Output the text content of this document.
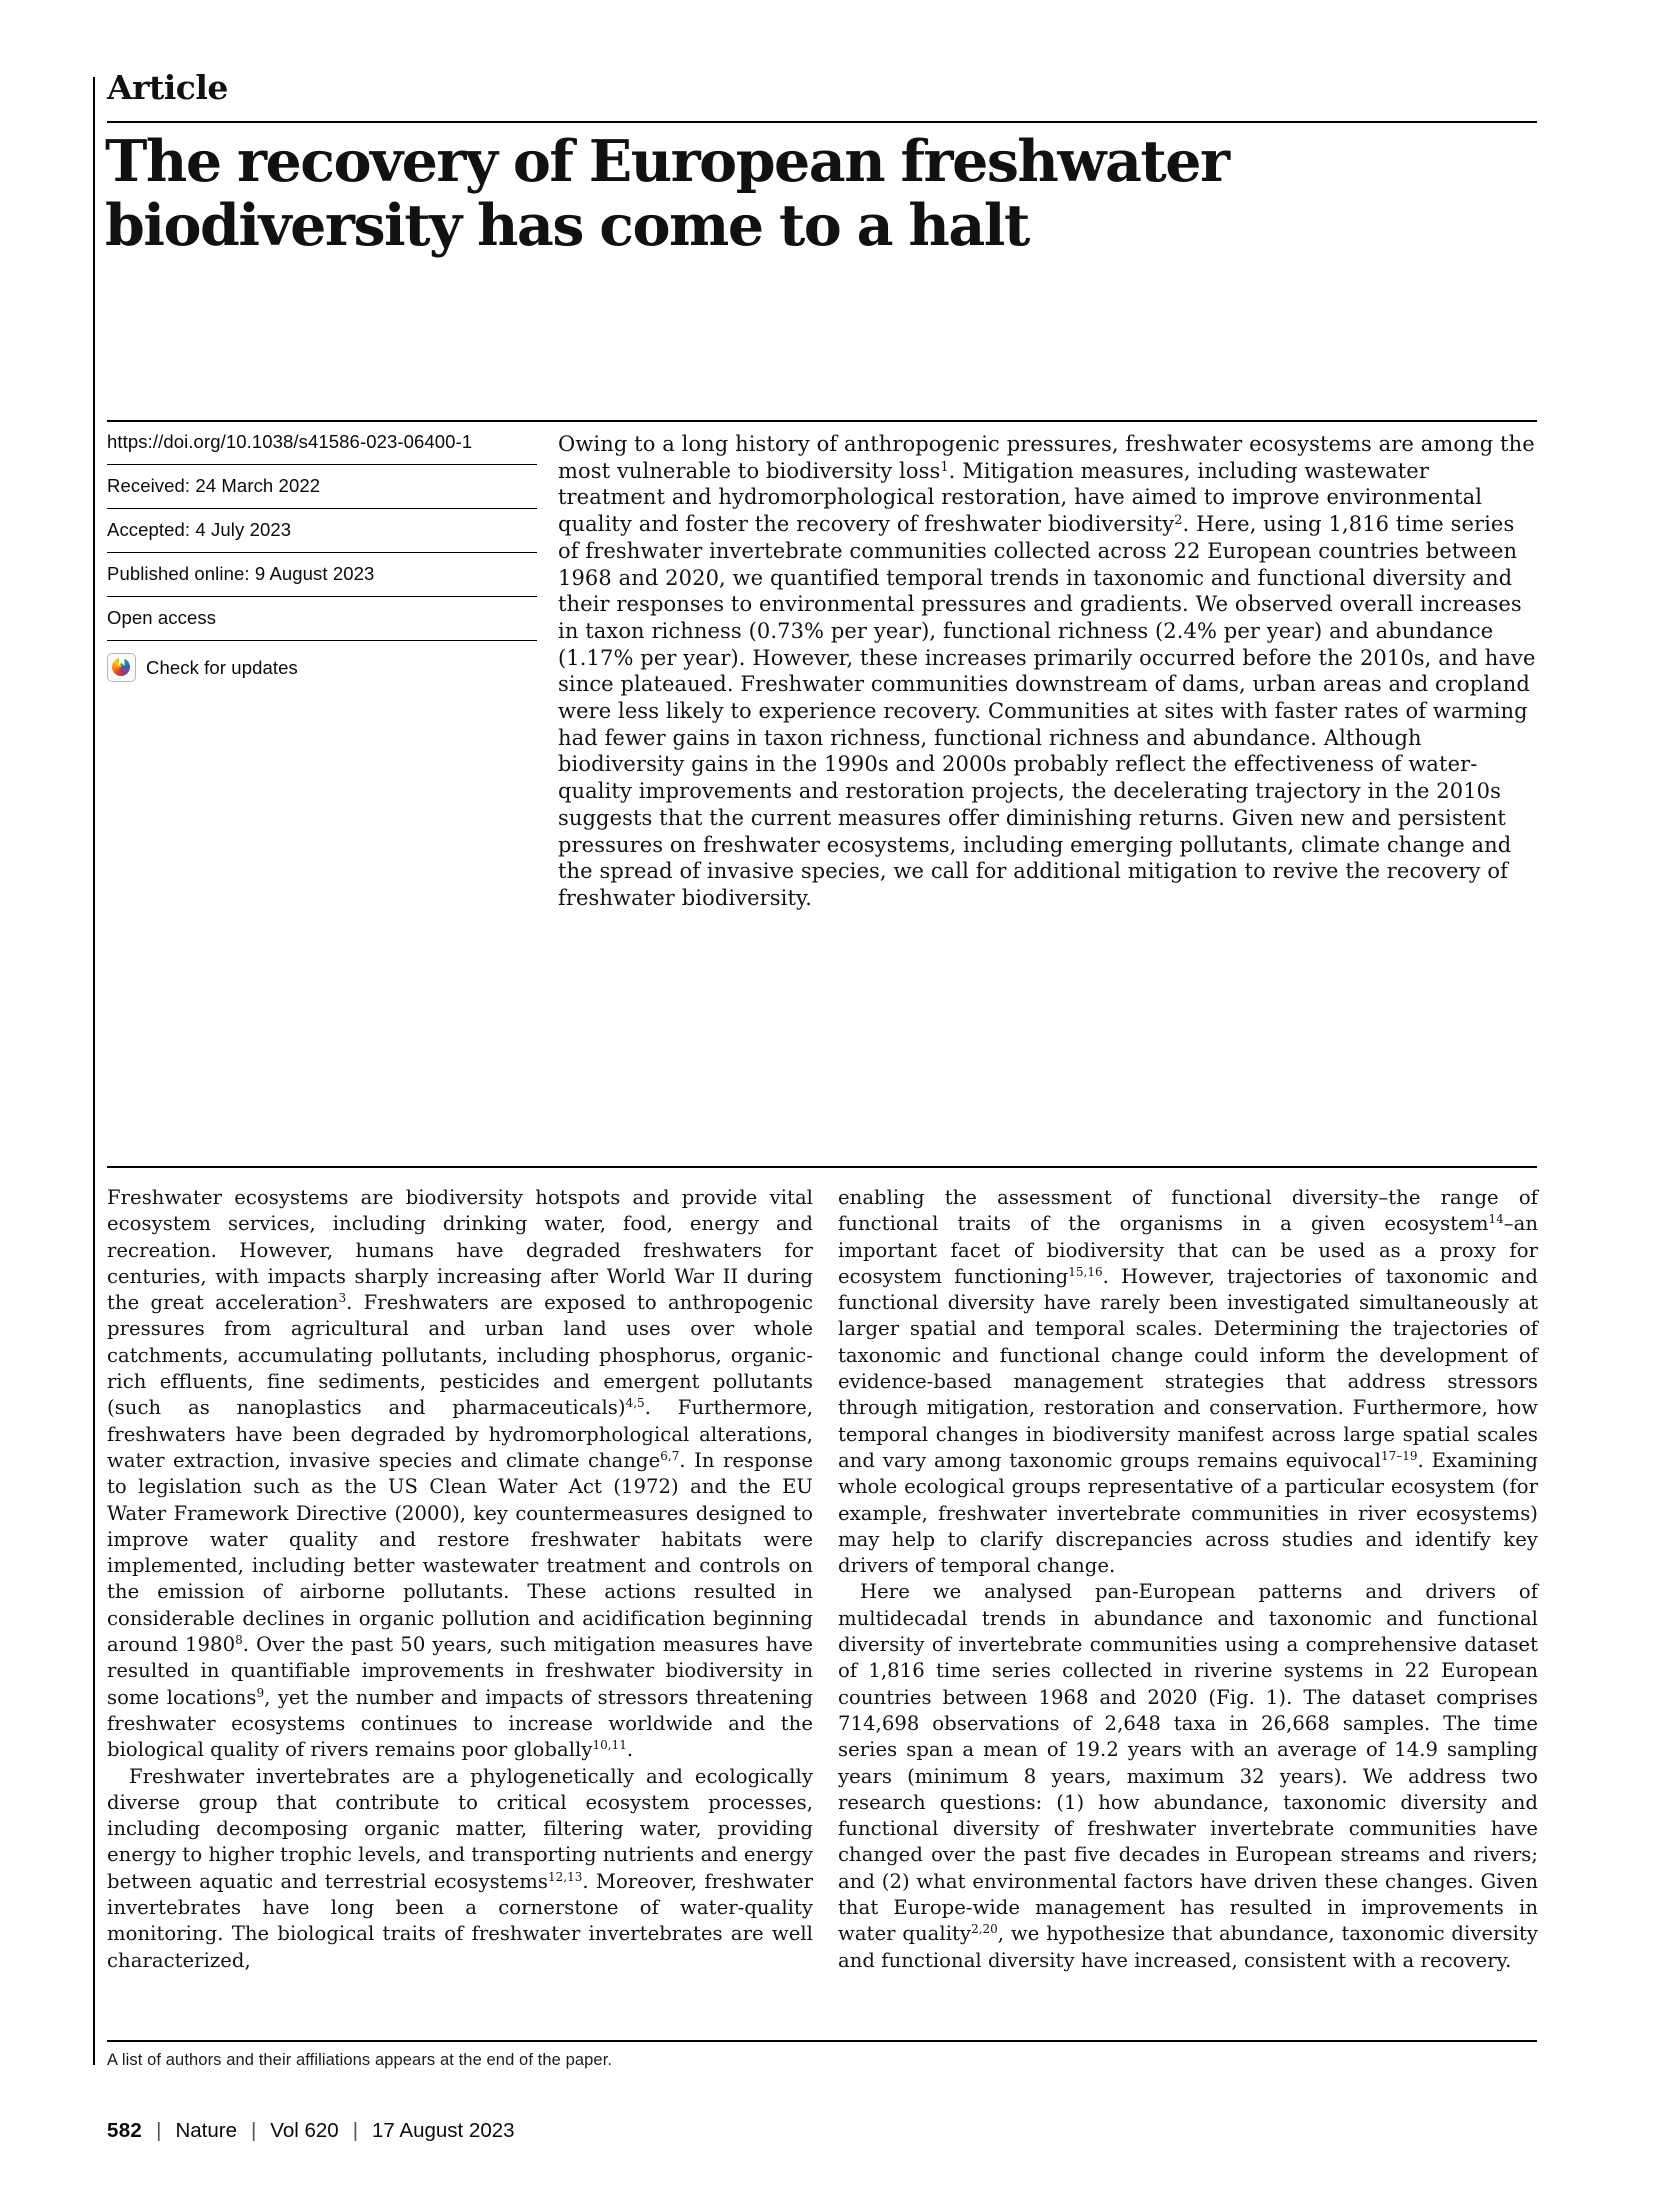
Article
The recovery of European freshwater
biodiversity has come to a halt
https://doi.org/10.1038/s41586-023-06400-1
Received: 24 March 2022
Accepted: 4 July 2023
Published online: 9 August 2023
Open access
Check for updates
Owing to a long history of anthropogenic pressures, freshwater ecosystems are among the most vulnerable to biodiversity loss$^1$. Mitigation measures, including wastewater treatment and hydromorphological restoration, have aimed to improve environmental quality and foster the recovery of freshwater biodiversity$^2$. Here, using 1,816 time series of freshwater invertebrate communities collected across 22 European countries between 1968 and 2020, we quantified temporal trends in taxonomic and functional diversity and their responses to environmental pressures and gradients. We observed overall increases in taxon richness (0.73% per year), functional richness (2.4% per year) and abundance (1.17% per year). However, these increases primarily occurred before the 2010s, and have since plateaued. Freshwater communities downstream of dams, urban areas and cropland were less likely to experience recovery. Communities at sites with faster rates of warming had fewer gains in taxon richness, functional richness and abundance. Although biodiversity gains in the 1990s and 2000s probably reflect the effectiveness of water-quality improvements and restoration projects, the decelerating trajectory in the 2010s suggests that the current measures offer diminishing returns. Given new and persistent pressures on freshwater ecosystems, including emerging pollutants, climate change and the spread of invasive species, we call for additional mitigation to revive the recovery of freshwater biodiversity.

Freshwater ecosystems are biodiversity hotspots and provide vital ecosystem services, including drinking water, food, energy and recreation. However, humans have degraded freshwaters for centuries, with impacts sharply increasing after World War II during the great acceleration$^3$. Freshwaters are exposed to anthropogenic pressures from agricultural and urban land uses over whole catchments, accumulating pollutants, including phosphorus, organic-rich effluents, fine sediments, pesticides and emergent pollutants (such as nanoplastics and pharmaceuticals)$^{4,5}$. Furthermore, freshwaters have been degraded by hydromorphological alterations, water extraction, invasive species and climate change$^{6,7}$. In response to legislation such as the US Clean Water Act (1972) and the EU Water Framework Directive (2000), key countermeasures designed to improve water quality and restore freshwater habitats were implemented, including better wastewater treatment and controls on the emission of airborne pollutants. These actions resulted in considerable declines in organic pollution and acidification beginning around 1980$^8$. Over the past 50 years, such mitigation measures have resulted in quantifiable improvements in freshwater biodiversity in some locations$^9$, yet the number and impacts of stressors threatening freshwater ecosystems continues to increase worldwide and the biological quality of rivers remains poor globally$^{10,11}$.

Freshwater invertebrates are a phylogenetically and ecologically diverse group that contribute to critical ecosystem processes, including decomposing organic matter, filtering water, providing energy to higher trophic levels, and transporting nutrients and energy between aquatic and terrestrial ecosystems$^{12,13}$. Moreover, freshwater invertebrates have long been a cornerstone of water-quality monitoring. The biological traits of freshwater invertebrates are well characterized,

enabling the assessment of functional diversity–the range of functional traits of the organisms in a given ecosystem$^{14}$–an important facet of biodiversity that can be used as a proxy for ecosystem functioning$^{15,16}$. However, trajectories of taxonomic and functional diversity have rarely been investigated simultaneously at larger spatial and temporal scales. Determining the trajectories of taxonomic and functional change could inform the development of evidence-based management strategies that address stressors through mitigation, restoration and conservation. Furthermore, how temporal changes in biodiversity manifest across large spatial scales and vary among taxonomic groups remains equivocal$^{17-19}$. Examining whole ecological groups representative of a particular ecosystem (for example, freshwater invertebrate communities in river ecosystems) may help to clarify discrepancies across studies and identify key drivers of temporal change.

Here we analysed pan-European patterns and drivers of multidecadal trends in abundance and taxonomic and functional diversity of invertebrate communities using a comprehensive dataset of 1,816 time series collected in riverine systems in 22 European countries between 1968 and 2020 (Fig. 1). The dataset comprises 714,698 observations of 2,648 taxa in 26,668 samples. The time series span a mean of 19.2 years with an average of 14.9 sampling years (minimum 8 years, maximum 32 years). We address two research questions: (1) how abundance, taxonomic diversity and functional diversity of freshwater invertebrate communities have changed over the past five decades in European streams and rivers; and (2) what environmental factors have driven these changes. Given that Europe-wide management has resulted in improvements in water quality$^{2,20}$, we hypothesize that abundance, taxonomic diversity and functional diversity have increased, consistent with a recovery.

A list of authors and their affiliations appears at the end of the paper.
582 | Nature | Vol 620 | 17 August 2023
